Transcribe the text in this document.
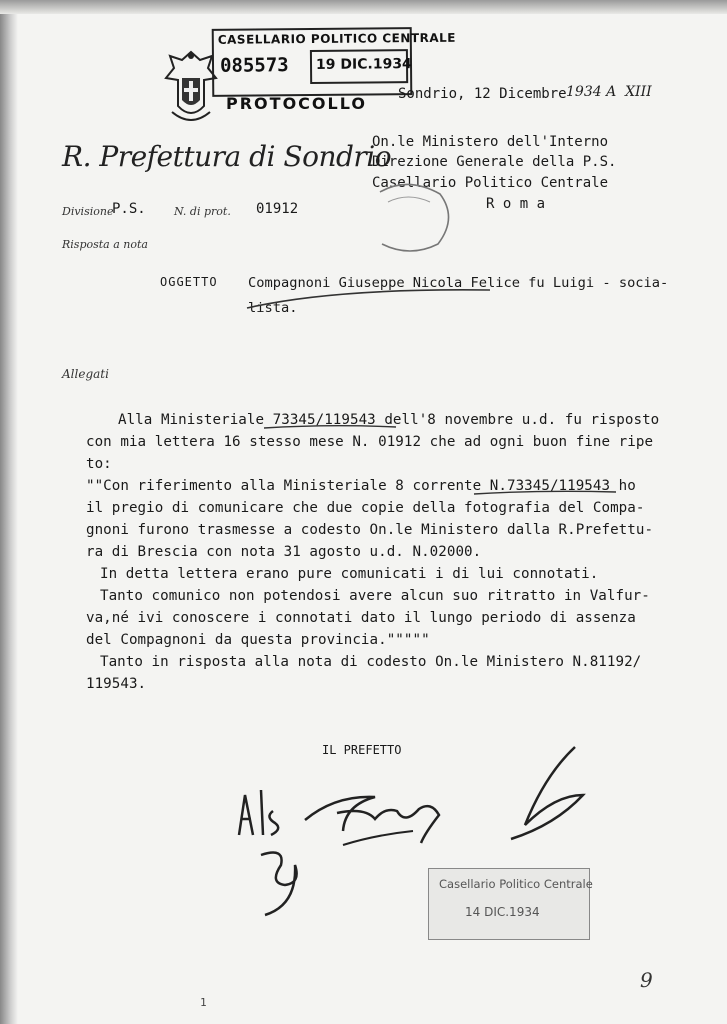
CASELLARIO POLITICO CENTRALE
085573 19 DIC.1934
PROTOCOLLO Sondrio, 12 Dicembre 1934 A  XIII
R. Prefettura di Sondrio
Divisione
P.S.	N. di prot. 01912
Risposta a nota
On.le Ministero dell'Interno
Direzione Generale della P.S.
Casellario Politico Centrale
R o m a
OGGETTO Compagnoni Giuseppe Nicola Felice fu Luigi - socia-
lista.
Allegati
Alla Ministeriale 73345/119543 dell'8 novembre u.d. fu risposto
con mia lettera 16 stesso mese N. 01912 che ad ogni buon fine ripe
to:
""Con riferimento alla Ministeriale 8 corrente N.73345/119543 ho
il pregio di comunicare che due copie della fotografia del Compa-
gnoni furono trasmesse a codesto On.le Ministero dalla R.Prefettu-
ra di Brescia con nota 31 agosto u.d. N.02000.
In detta lettera erano pure comunicati i di lui connotati.
Tanto comunico non potendosi avere alcun suo ritratto in Valfur-
va,né ivi conoscere i connotati dato il lungo periodo di assenza
del Compagnoni da questa provincia."""""
Tanto in risposta alla nota di codesto On.le Ministero N.81192/
119543.
IL PREFETTO
Casellario Politico Centrale
14 DIC.1934
1
9
